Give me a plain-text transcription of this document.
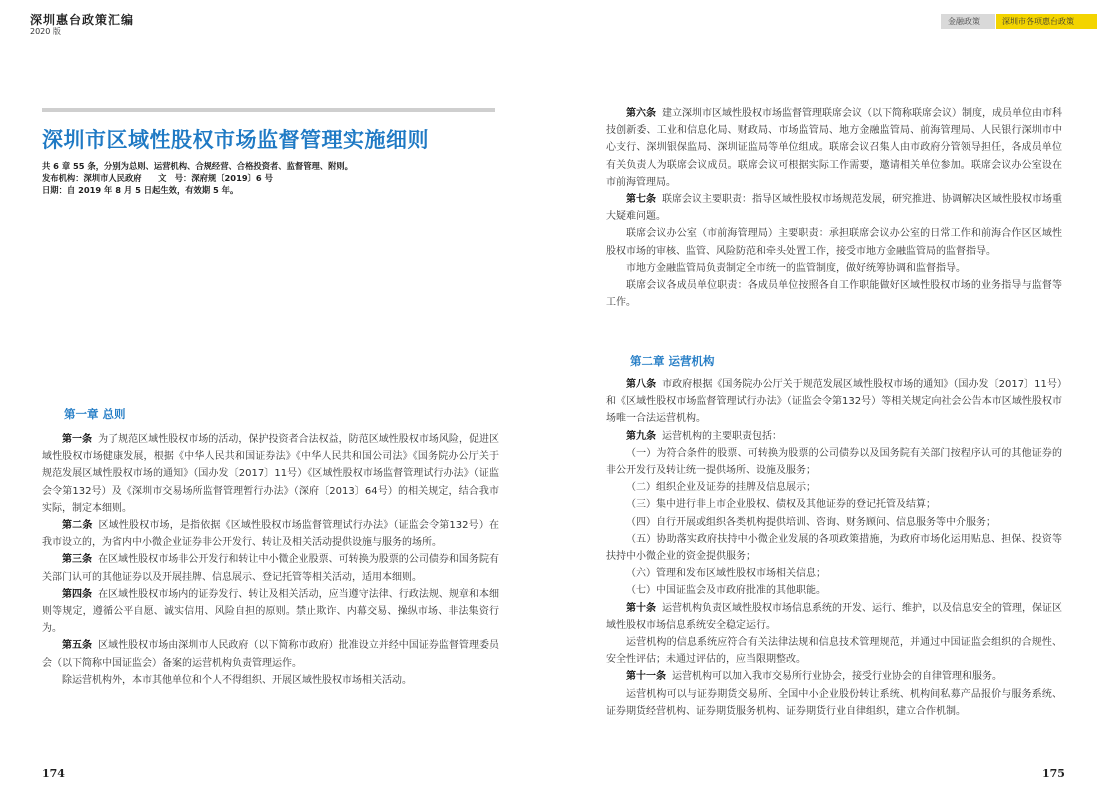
深圳惠台政策汇编
2020 版
金融政策	深圳市各项惠台政策
深圳市区域性股权市场监督管理实施细则
共 6 章 55 条，分别为总则、运营机构、合规经营、合格投资者、监督管理、附则。
发布机构：深圳市人民政府　　文　号：深府规〔2019〕6 号
日期：自 2019 年 8 月 5 日起生效，有效期 5 年。
第一章 总则

第一条 为了规范区域性股权市场的活动，保护投资者合法权益，防范区域性股权市场风险，促进区域性股权市场健康发展，根据《中华人民共和国证券法》《中华人民共和国公司法》《国务院办公厅关于规范发展区域性股权市场的通知》（国办发〔2017〕11号）《区域性股权市场监督管理试行办法》（证监会令第132号）及《深圳市交易场所监督管理暂行办法》（深府〔2013〕64号）的相关规定，结合我市实际，制定本细则。

第二条 区域性股权市场，是指依据《区域性股权市场监督管理试行办法》（证监会令第132号）在我市设立的，为省内中小微企业证券非公开发行、转让及相关活动提供设施与服务的场所。

第三条 在区域性股权市场非公开发行和转让中小微企业股票、可转换为股票的公司债券和国务院有关部门认可的其他证券以及开展挂牌、信息展示、登记托管等相关活动，适用本细则。

第四条 在区域性股权市场内的证券发行、转让及相关活动，应当遵守法律、行政法规、规章和本细则等规定，遵循公平自愿、诚实信用、风险自担的原则。禁止欺诈、内幕交易、操纵市场、非法集资行为。

第五条 区域性股权市场由深圳市人民政府（以下简称市政府）批准设立并经中国证券监督管理委员会（以下简称中国证监会）备案的运营机构负责管理运作。

除运营机构外，本市其他单位和个人不得组织、开展区域性股权市场相关活动。

第六条 建立深圳市区域性股权市场监督管理联席会议（以下简称联席会议）制度，成员单位由市科技创新委、工业和信息化局、财政局、市场监管局、地方金融监管局、前海管理局、人民银行深圳市中心支行、深圳银保监局、深圳证监局等单位组成。联席会议召集人由市政府分管领导担任，各成员单位有关负责人为联席会议成员。联席会议可根据实际工作需要，邀请相关单位参加。联席会议办公室设在市前海管理局。

第七条 联席会议主要职责：指导区域性股权市场规范发展，研究推进、协调解决区域性股权市场重大疑难问题。

联席会议办公室（市前海管理局）主要职责：承担联席会议办公室的日常工作和前海合作区区域性股权市场的审核、监管、风险防范和牵头处置工作，接受市地方金融监管局的监督指导。

市地方金融监管局负责制定全市统一的监管制度，做好统筹协调和监督指导。

联席会议各成员单位职责：各成员单位按照各自工作职能做好区域性股权市场的业务指导与监督等工作。

第二章 运营机构

第八条 市政府根据《国务院办公厅关于规范发展区域性股权市场的通知》（国办发〔2017〕11号）和《区域性股权市场监督管理试行办法》（证监会令第132号）等相关规定向社会公告本市区域性股权市场唯一合法运营机构。

第九条 运营机构的主要职责包括：

（一）为符合条件的股票、可转换为股票的公司债券以及国务院有关部门按程序认可的其他证券的非公开发行及转让统一提供场所、设施及服务；

（二）组织企业及证券的挂牌及信息展示；

（三）集中进行非上市企业股权、债权及其他证券的登记托管及结算；

（四）自行开展或组织各类机构提供培训、咨询、财务顾问、信息服务等中介服务；

（五）协助落实政府扶持中小微企业发展的各项政策措施，为政府市场化运用贴息、担保、投资等扶持中小微企业的资金提供服务；

（六）管理和发布区域性股权市场相关信息；

（七）中国证监会及市政府批准的其他职能。

第十条 运营机构负责区域性股权市场信息系统的开发、运行、维护，以及信息安全的管理，保证区域性股权市场信息系统安全稳定运行。

运营机构的信息系统应符合有关法律法规和信息技术管理规范，并通过中国证监会组织的合规性、安全性评估；未通过评估的，应当限期整改。

第十一条 运营机构可以加入我市交易所行业协会，接受行业协会的自律管理和服务。

运营机构可以与证券期货交易所、全国中小企业股份转让系统、机构间私募产品报价与服务系统、证券期货经营机构、证券期货服务机构、证券期货行业自律组织，建立合作机制。

174	175
